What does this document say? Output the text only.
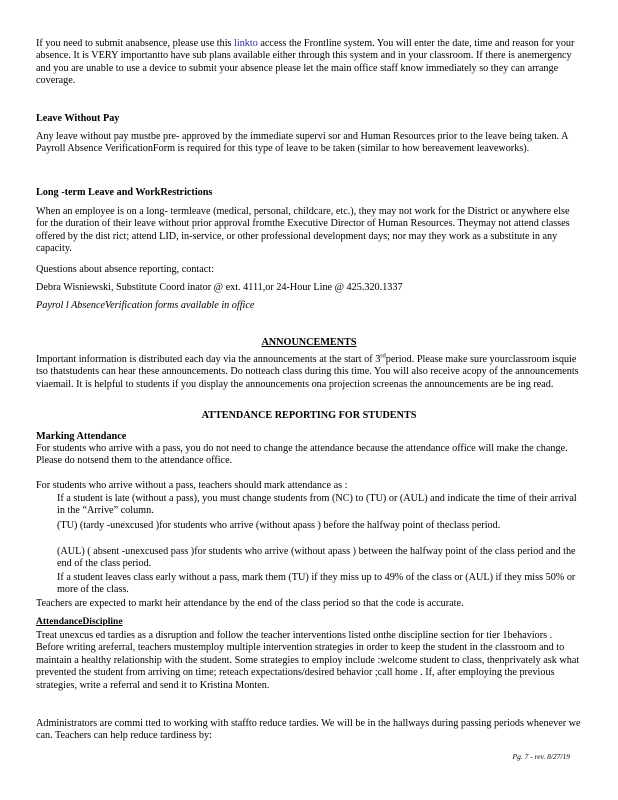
If you need to submit anabsence, please use this linkto access the Frontline system. You will enter the date, time and reason for your absence. It is VERY importantto have sub plans available either through this system and in your classroom. If there is anemergency and you are unable to use a device to submit your absence please let the main office staff know immediately so they can arrange coverage.

Leave Without Pay

Any leave without pay mustbe pre- approved by the immediate supervi sor and Human Resources prior to the leave being taken. A Payroll Absence VerificationForm is required for this type of leave to be taken (similar to how bereavement leaveworks).

Long -term Leave and WorkRestrictions

When an employee is on a long- termleave (medical, personal, childcare, etc.), they may not work for the District or anywhere else for the duration of their leave without prior approval fromthe Executive Director of Human Resources. Theymay not attend classes offered by the dist rict; attend LID, in-service, or other professional development days; nor may they work as a substitute in any capacity.

Questions about absence reporting, contact:

Debra Wisniewski, Substitute Coord inator @ ext. 4111,or 24-Hour Line @ 425.320.1337

Payrol l AbsenceVerification forms available in office

ANNOUNCEMENTS

Important information is distributed each day via the announcements at the start of 3rdperiod. Please make sure yourclassroom isquie tso thatstudents can hear these announcements. Do notteach class during this time. You will also receive acopy of the announcements viaemail. It is helpful to students if you display the announcements ona projection screenas the announcements are be ing read.

ATTENDANCE REPORTING FOR STUDENTS

Marking Attendance

For students who arrive with a pass, you do not need to change the attendance because the attendance office will make the change. Please do notsend them to the attendance office.

For students who arrive without a pass, teachers should mark attendance as :

If a student is late (without a pass), you must change students from (NC) to (TU) or (AUL) and indicate the time of their arrival in the “Arrive” column.

(TU) (tardy -unexcused )for students who arrive (without apass ) before the halfway point of theclass period.

(AUL) ( absent -unexcused pass )for students who arrive (without apass ) between the halfway point of the class period and the end of the class period.

If a student leaves class early without a pass, mark them (TU) if they miss up to 49% of the class or (AUL) if they miss 50% or more of the class.

Teachers are expected to markt heir attendance by the end of the class period so that the code is accurate.

AttendanceDiscipline

Treat unexcus ed tardies as a disruption and follow the teacher interventions listed onthe discipline section for tier 1behaviors . Before writing areferral, teachers mustemploy multiple intervention strategies in order to keep the student in the classroom and to maintain a healthy relationship with the student. Some strategies to employ include :welcome student to class, thenprivately ask what prevented the student from arriving on time; reteach expectations/desired behavior ;call home . If, after employing the previous strategies, write a referral and send it to Kristina Monten.

Administrators are commi tted to working with staffto reduce tardies. We will be in the hallways during passing periods whenever we can. Teachers can help reduce tardiness by:

Pg. 7 - rev. 8/27/19
